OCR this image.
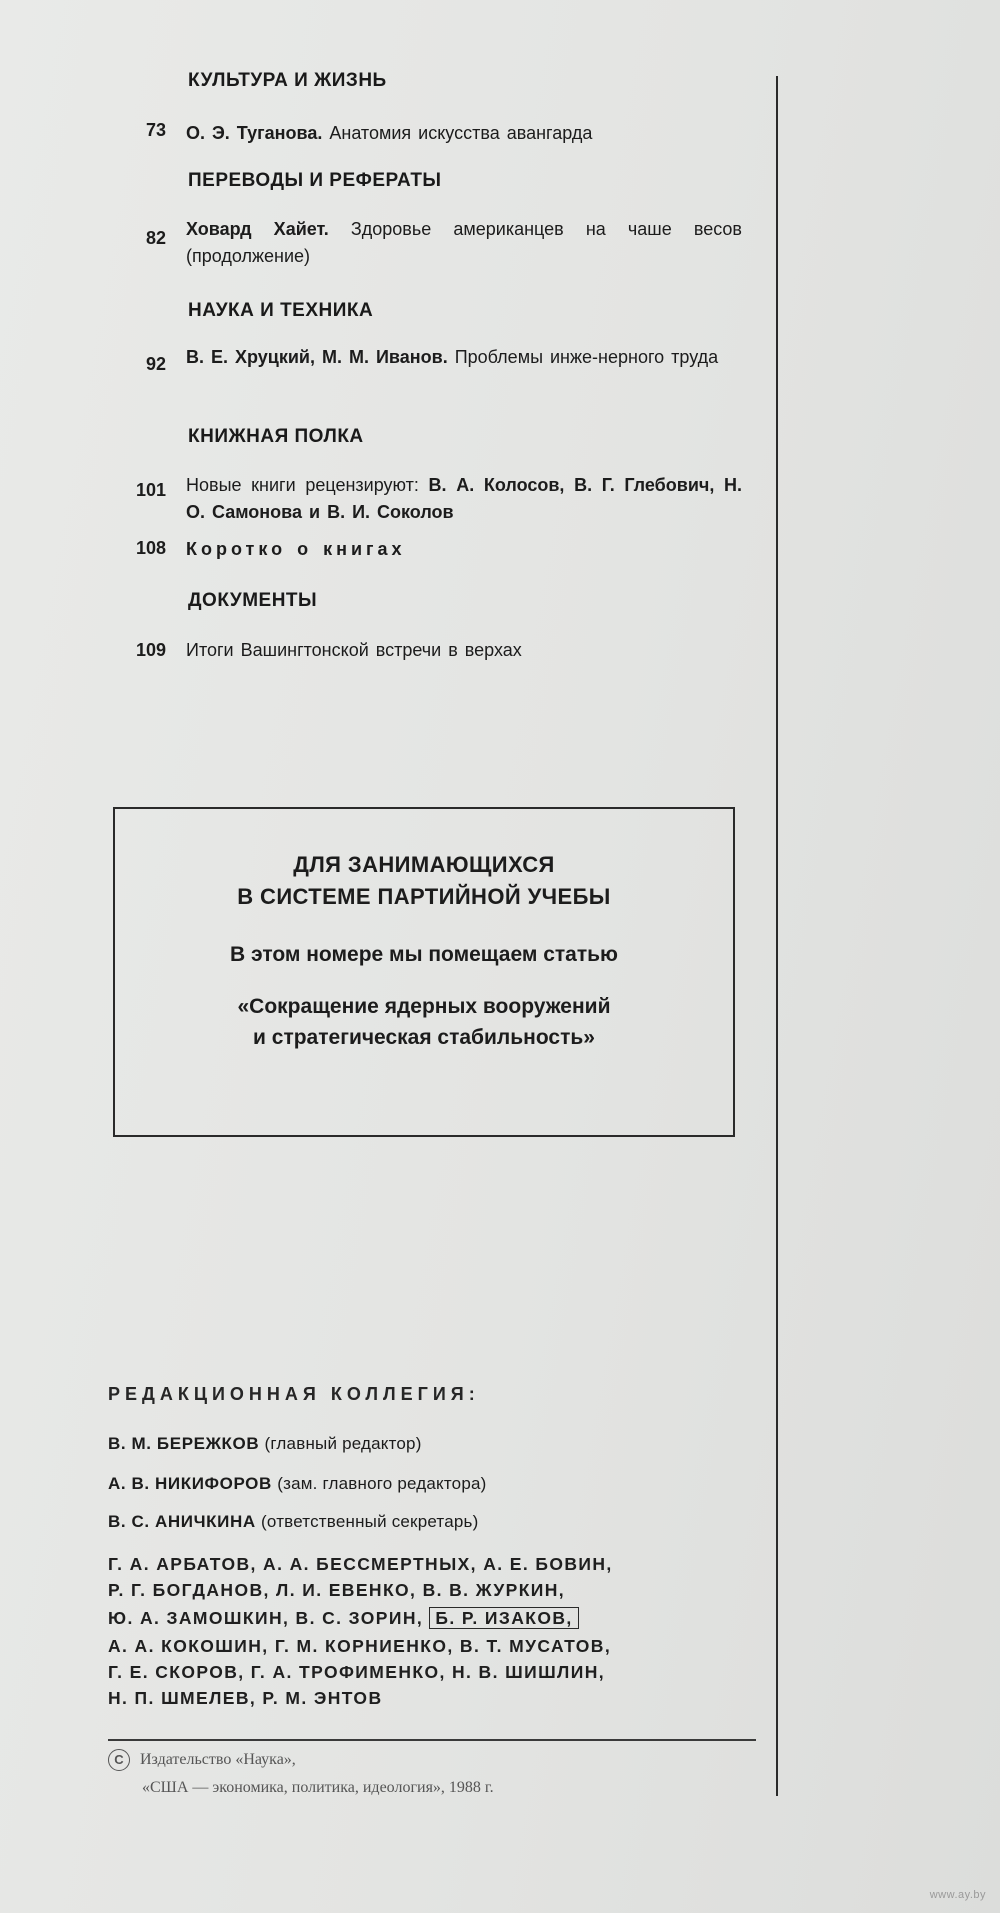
КУЛЬТУРА И ЖИЗНЬ
73 О. Э. Туганова. Анатомия искусства авангарда
ПЕРЕВОДЫ И РЕФЕРАТЫ
82 Ховард Хайет. Здоровье американцев на чаше весов (продолжение)
НАУКА И ТЕХНИКА
92 В. Е. Хруцкий, М. М. Иванов. Проблемы инже-нерного труда
КНИЖНАЯ ПОЛКА
101 Новые книги рецензируют: В. А. Колосов, В. Г. Глебович, Н. О. Самонова и В. И. Соколов
108 Коротко о книгах
ДОКУМЕНТЫ
109 Итоги Вашингтонской встречи в верхах
ДЛЯ ЗАНИМАЮЩИХСЯ
В СИСТЕМЕ ПАРТИЙНОЙ УЧЕБЫ
В этом номере мы помещаем статью
«Сокращение ядерных вооружений
и стратегическая стабильность»
РЕДАКЦИОННАЯ КОЛЛЕГИЯ:
В. М. БЕРЕЖКОВ (главный редактор)
А. В. НИКИФОРОВ (зам. главного редактора)
В. С. АНИЧКИНА (ответственный секретарь)
Г. А. АРБАТОВ, А. А. БЕССМЕРТНЫХ, А. Е. БОВИН,
Р. Г. БОГДАНОВ, Л. И. ЕВЕНКО, В. В. ЖУРКИН,
Ю. А. ЗАМОШКИН, В. С. ЗОРИН, Б. Р. ИЗАКОВ,
А. А. КОКОШИН, Г. М. КОРНИЕНКО, В. Т. МУСАТОВ,
Г. Е. СКОРОВ, Г. А. ТРОФИМЕНКО, Н. В. ШИШЛИН,
Н. П. ШМЕЛЕВ, Р. М. ЭНТОВ
C Издательство «Наука»,
«США — экономика, политика, идеология», 1988 г.
www.ay.by
